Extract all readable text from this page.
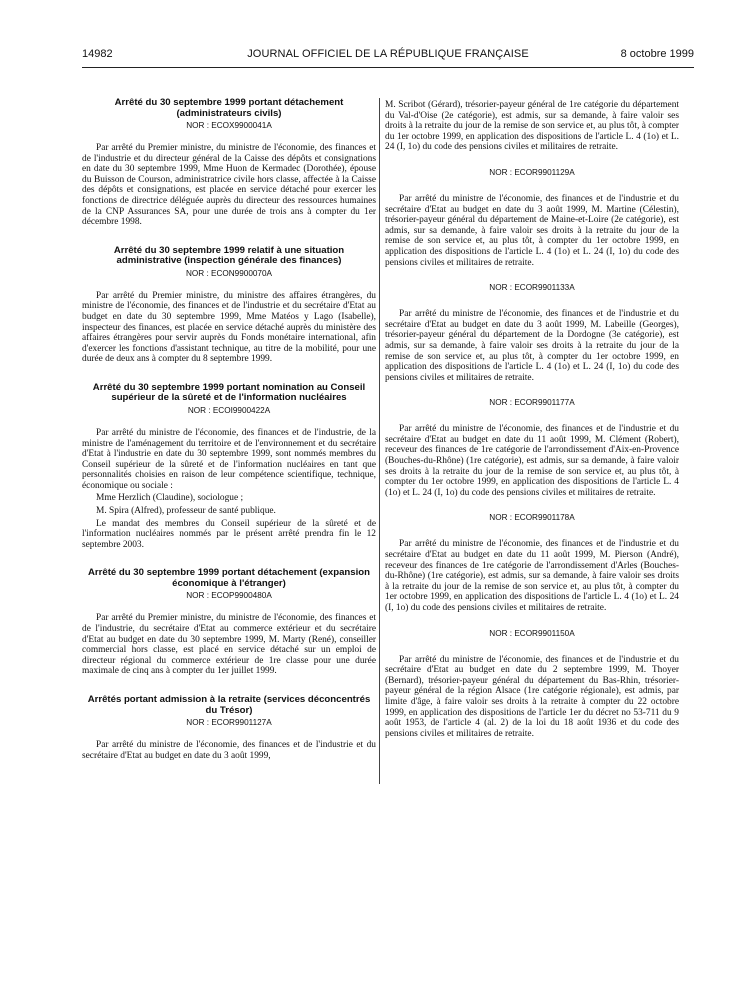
14982	JOURNAL OFFICIEL DE LA RÉPUBLIQUE FRANÇAISE	8 octobre 1999
Arrêté du 30 septembre 1999 portant détachement (administrateurs civils)
NOR : ECOX9900041A

Par arrêté du Premier ministre, du ministre de l'économie, des finances et de l'industrie et du directeur général de la Caisse des dépôts et consignations en date du 30 septembre 1999, Mme Huon de Kermadec (Dorothée), épouse du Buisson de Courson, administratrice civile hors classe, affectée à la Caisse des dépôts et consignations, est placée en service détaché pour exercer les fonctions de directrice déléguée auprès du directeur des ressources humaines de la CNP Assurances SA, pour une durée de trois ans à compter du 1er décembre 1998.

Arrêté du 30 septembre 1999 relatif à une situation administrative (inspection générale des finances)
NOR : ECON9900070A

Par arrêté du Premier ministre, du ministre des affaires étrangères, du ministre de l'économie, des finances et de l'industrie et du secrétaire d'Etat au budget en date du 30 septembre 1999, Mme Matéos y Lago (Isabelle), inspecteur des finances, est placée en service détaché auprès du ministère des affaires étrangères pour servir auprès du Fonds monétaire international, afin d'exercer les fonctions d'assistant technique, au titre de la mobilité, pour une durée de deux ans à compter du 8 septembre 1999.

Arrêté du 30 septembre 1999 portant nomination au Conseil supérieur de la sûreté et de l'information nucléaires
NOR : ECOI9900422A

Par arrêté du ministre de l'économie, des finances et de l'industrie, de la ministre de l'aménagement du territoire et de l'environnement et du secrétaire d'Etat à l'industrie en date du 30 septembre 1999, sont nommés membres du Conseil supérieur de la sûreté et de l'information nucléaires en tant que personnalités choisies en raison de leur compétence scientifique, technique, économique ou sociale :

Mme Herzlich (Claudine), sociologue ;

M. Spira (Alfred), professeur de santé publique.

Le mandat des membres du Conseil supérieur de la sûreté et de l'information nucléaires nommés par le présent arrêté prendra fin le 12 septembre 2003.

Arrêté du 30 septembre 1999 portant détachement (expansion économique à l'étranger)
NOR : ECOP9900480A

Par arrêté du Premier ministre, du ministre de l'économie, des finances et de l'industrie, du secrétaire d'Etat au commerce extérieur et du secrétaire d'Etat au budget en date du 30 septembre 1999, M. Marty (René), conseiller commercial hors classe, est placé en service détaché sur un emploi de directeur régional du commerce extérieur de 1re classe pour une durée maximale de cinq ans à compter du 1er juillet 1999.

Arrêtés portant admission à la retraite (services déconcentrés du Trésor)
NOR : ECOR9901127A

Par arrêté du ministre de l'économie, des finances et de l'industrie et du secrétaire d'Etat au budget en date du 3 août 1999,

M. Scribot (Gérard), trésorier-payeur général de 1re catégorie du département du Val-d'Oise (2e catégorie), est admis, sur sa demande, à faire valoir ses droits à la retraite du jour de la remise de son service et, au plus tôt, à compter du 1er octobre 1999, en application des dispositions de l'article L. 4 (1o) et L. 24 (I, 1o) du code des pensions civiles et militaires de retraite.

NOR : ECOR9901129A

Par arrêté du ministre de l'économie, des finances et de l'industrie et du secrétaire d'Etat au budget en date du 3 août 1999, M. Martine (Célestin), trésorier-payeur général du département de Maine-et-Loire (2e catégorie), est admis, sur sa demande, à faire valoir ses droits à la retraite du jour de la remise de son service et, au plus tôt, à compter du 1er octobre 1999, en application des dispositions de l'article L. 4 (1o) et L. 24 (I, 1o) du code des pensions civiles et militaires de retraite.

NOR : ECOR9901133A

Par arrêté du ministre de l'économie, des finances et de l'industrie et du secrétaire d'Etat au budget en date du 3 août 1999, M. Labeille (Georges), trésorier-payeur général du département de la Dordogne (3e catégorie), est admis, sur sa demande, à faire valoir ses droits à la retraite du jour de la remise de son service et, au plus tôt, à compter du 1er octobre 1999, en application des dispositions de l'article L. 4 (1o) et L. 24 (I, 1o) du code des pensions civiles et militaires de retraite.

NOR : ECOR9901177A

Par arrêté du ministre de l'économie, des finances et de l'industrie et du secrétaire d'Etat au budget en date du 11 août 1999, M. Clément (Robert), receveur des finances de 1re catégorie de l'arrondissement d'Aix-en-Provence (Bouches-du-Rhône) (1re catégorie), est admis, sur sa demande, à faire valoir ses droits à la retraite du jour de la remise de son service et, au plus tôt, à compter du 1er octobre 1999, en application des dispositions de l'article L. 4 (1o) et L. 24 (I, 1o) du code des pensions civiles et militaires de retraite.

NOR : ECOR9901178A

Par arrêté du ministre de l'économie, des finances et de l'industrie et du secrétaire d'Etat au budget en date du 11 août 1999, M. Pierson (André), receveur des finances de 1re catégorie de l'arrondissement d'Arles (Bouches-du-Rhône) (1re catégorie), est admis, sur sa demande, à faire valoir ses droits à la retraite du jour de la remise de son service et, au plus tôt, à compter du 1er octobre 1999, en application des dispositions de l'article L. 4 (1o) et L. 24 (I, 1o) du code des pensions civiles et militaires de retraite.

NOR : ECOR9901150A

Par arrêté du ministre de l'économie, des finances et de l'industrie et du secrétaire d'Etat au budget en date du 2 septembre 1999, M. Thoyer (Bernard), trésorier-payeur général du département du Bas-Rhin, trésorier-payeur général de la région Alsace (1re catégorie régionale), est admis, par limite d'âge, à faire valoir ses droits à la retraite à compter du 22 octobre 1999, en application des dispositions de l'article 1er du décret no 53-711 du 9 août 1953, de l'article 4 (al. 2) de la loi du 18 août 1936 et du code des pensions civiles et militaires de retraite.
